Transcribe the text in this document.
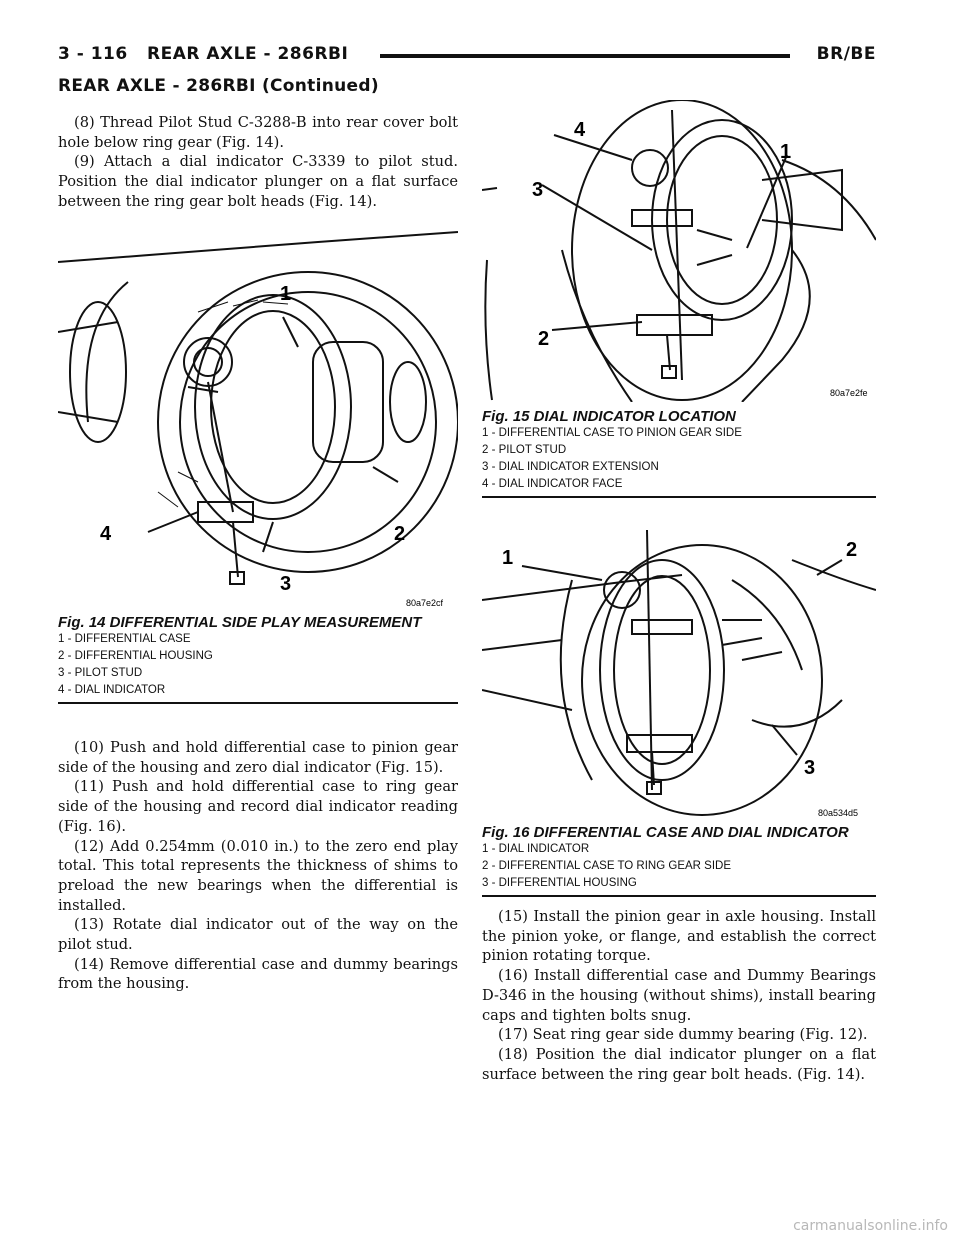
3 - 116 REAR AXLE - 286RBI	BR/BE
REAR AXLE - 286RBI (Continued)

(8) Thread Pilot Stud C-3288-B into rear cover bolt hole below ring gear (Fig. 14).

(9) Attach a dial indicator C-3339 to pilot stud. Position the dial indicator plunger on a flat surface between the ring gear bolt heads (Fig. 14).

1
2
3
4
80a7e2cf

Fig. 14 DIFFERENTIAL SIDE PLAY MEASUREMENT

1 - DIFFERENTIAL CASE
2 - DIFFERENTIAL HOUSING
3 - PILOT STUD
4 - DIAL INDICATOR

(10) Push and hold differential case to pinion gear side of the housing and zero dial indicator (Fig. 15).

(11) Push and hold differential case to ring gear side of the housing and record dial indicator reading (Fig. 16).

(12) Add 0.254mm (0.010 in.) to the zero end play total. This total represents the thickness of shims to preload the new bearings when the differential is installed.

(13) Rotate dial indicator out of the way on the pilot stud.

(14) Remove differential case and dummy bearings from the housing.

4
3
1
2
80a7e2fe

Fig. 15 DIAL INDICATOR LOCATION

1 - DIFFERENTIAL CASE TO PINION GEAR SIDE
2 - PILOT STUD
3 - DIAL INDICATOR EXTENSION
4 - DIAL INDICATOR FACE
1	2
3
80a534d5

Fig. 16 DIFFERENTIAL CASE AND DIAL INDICATOR

1 - DIAL INDICATOR
2 - DIFFERENTIAL CASE TO RING GEAR SIDE
3 - DIFFERENTIAL HOUSING

(15) Install the pinion gear in axle housing. Install the pinion yoke, or flange, and establish the correct pinion rotating torque.

(16) Install differential case and Dummy Bearings D-346 in the housing (without shims), install bearing caps and tighten bolts snug.

(17) Seat ring gear side dummy bearing (Fig. 12).

(18) Position the dial indicator plunger on a flat surface between the ring gear bolt heads. (Fig. 14).

carmanualsonline.info
